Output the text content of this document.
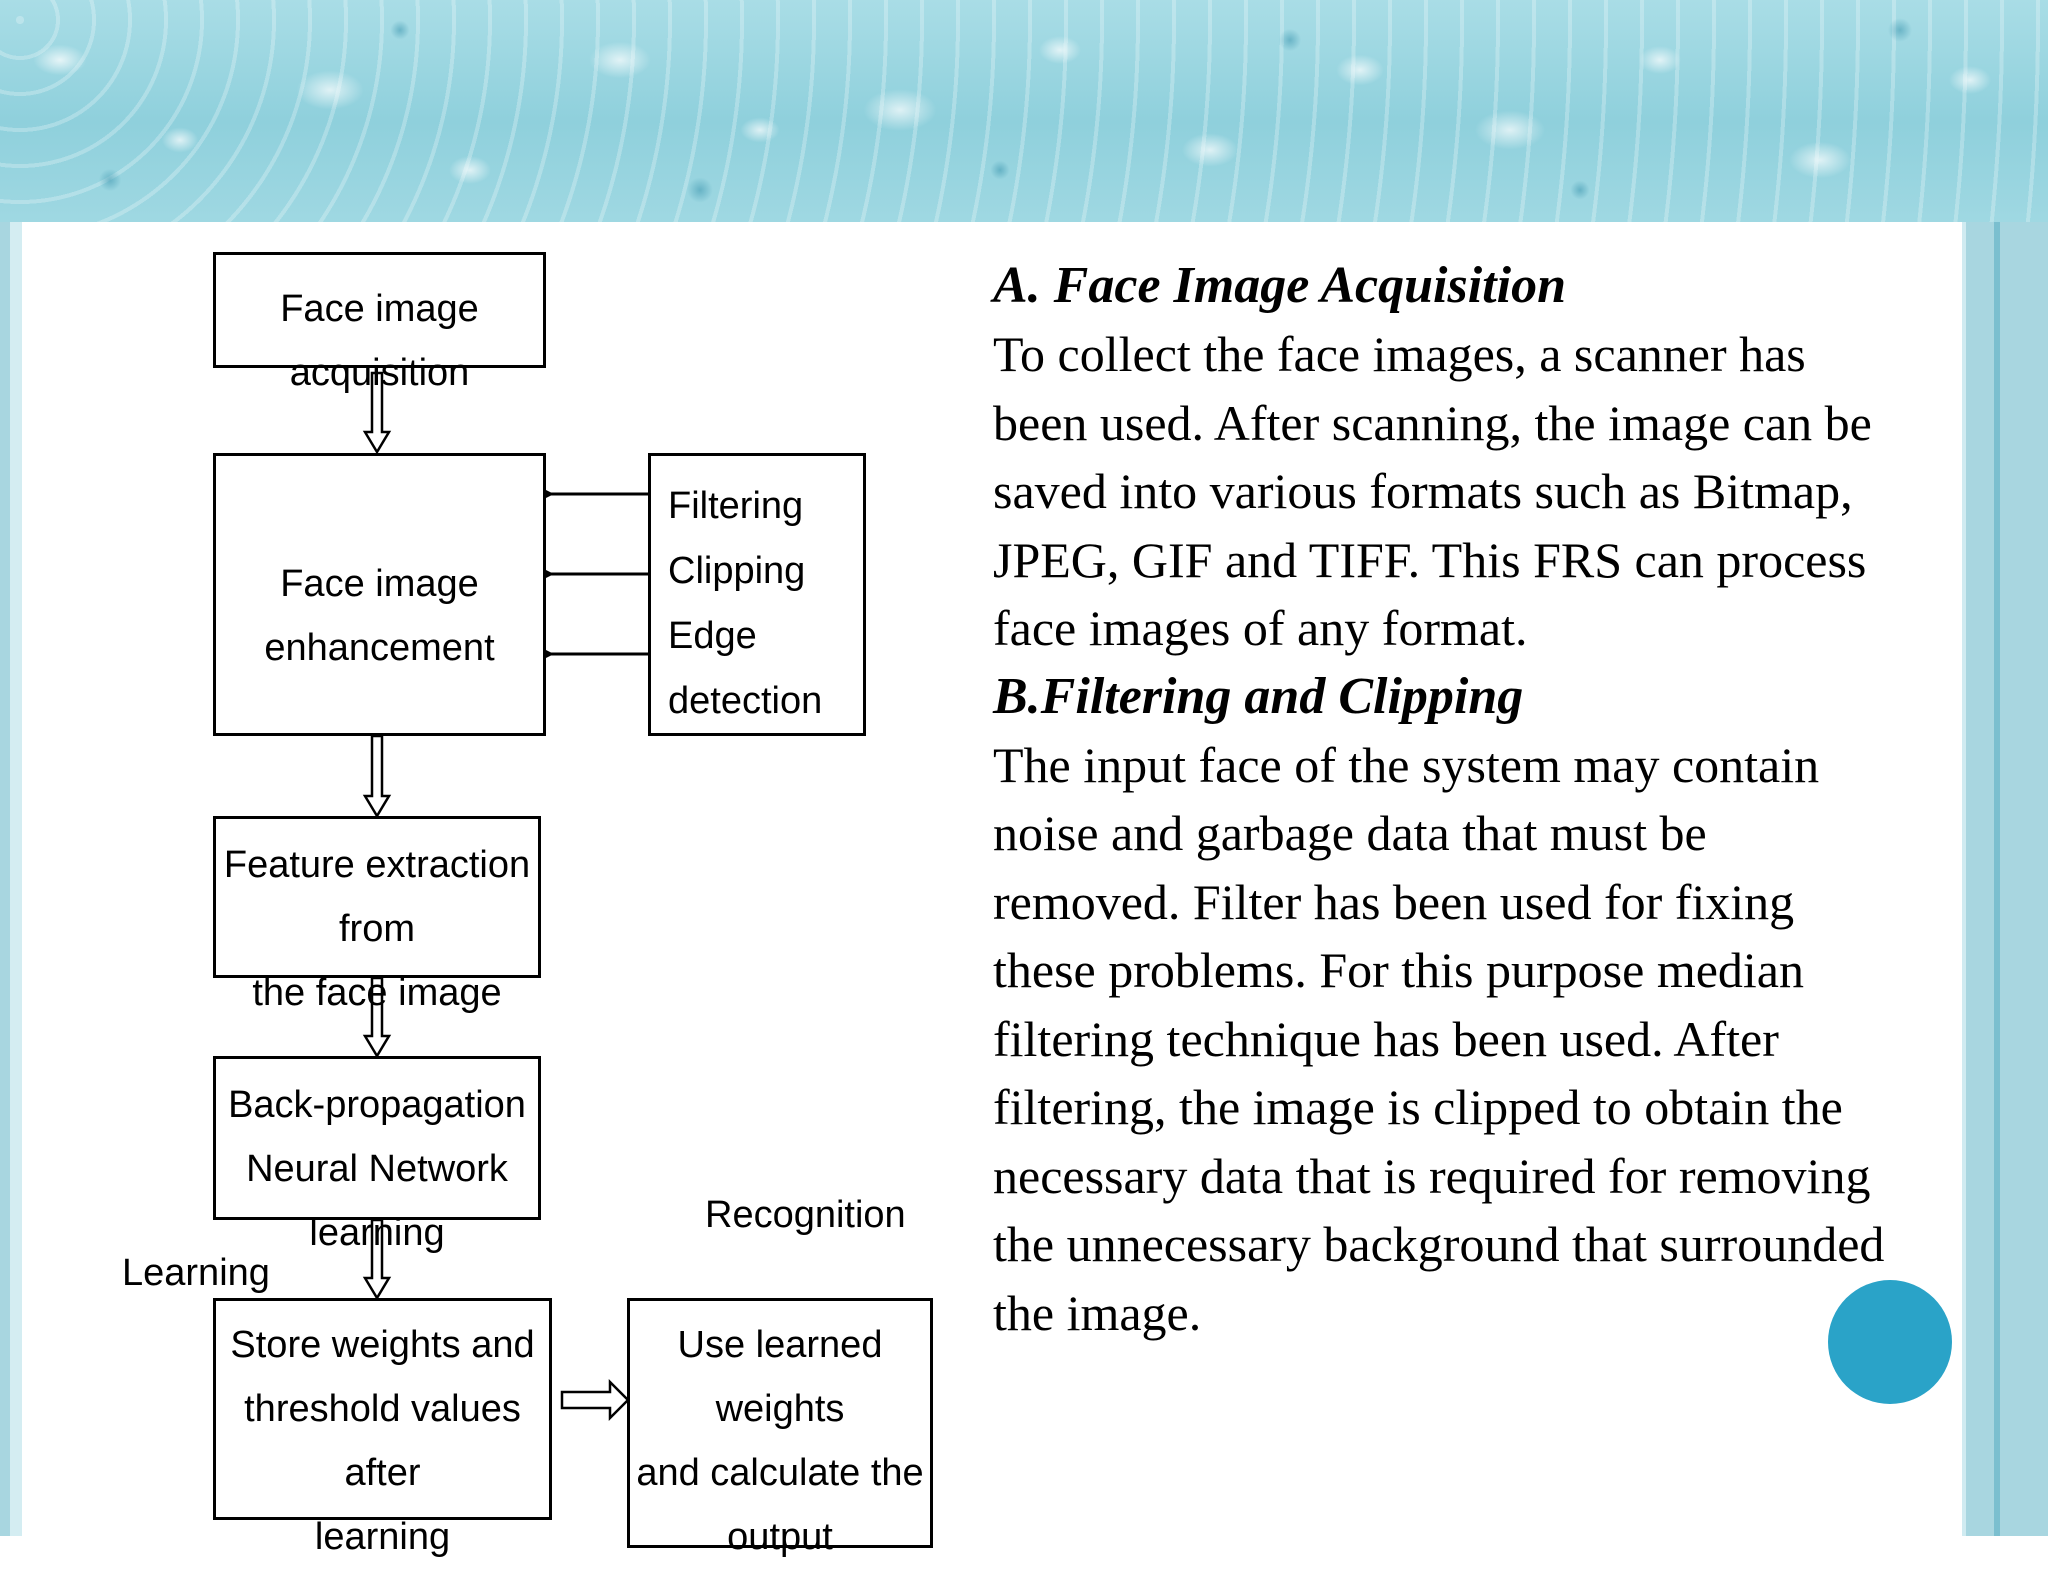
Face image acquisition
Face image enhancement
Filtering
Clipping
Edge detection
Feature extraction from
the face image
Back-propagation
Neural Network learning
Store weights and
threshold values after
learning
Use learned weights
and calculate the
output
Learning
Recognition
A. Face Image Acquisition

To collect the face images, a scanner has

been used. After scanning, the image can be

saved into various formats such as Bitmap,

JPEG, GIF and TIFF. This FRS can process

face images of any format.

B.Filtering and Clipping

The input face of the system may contain

noise and garbage data that must be

removed. Filter has been used for fixing

these problems. For this purpose median

filtering technique has been used. After

filtering, the image is clipped to obtain the

necessary data that is required for removing

the unnecessary background that surrounded

the image.
